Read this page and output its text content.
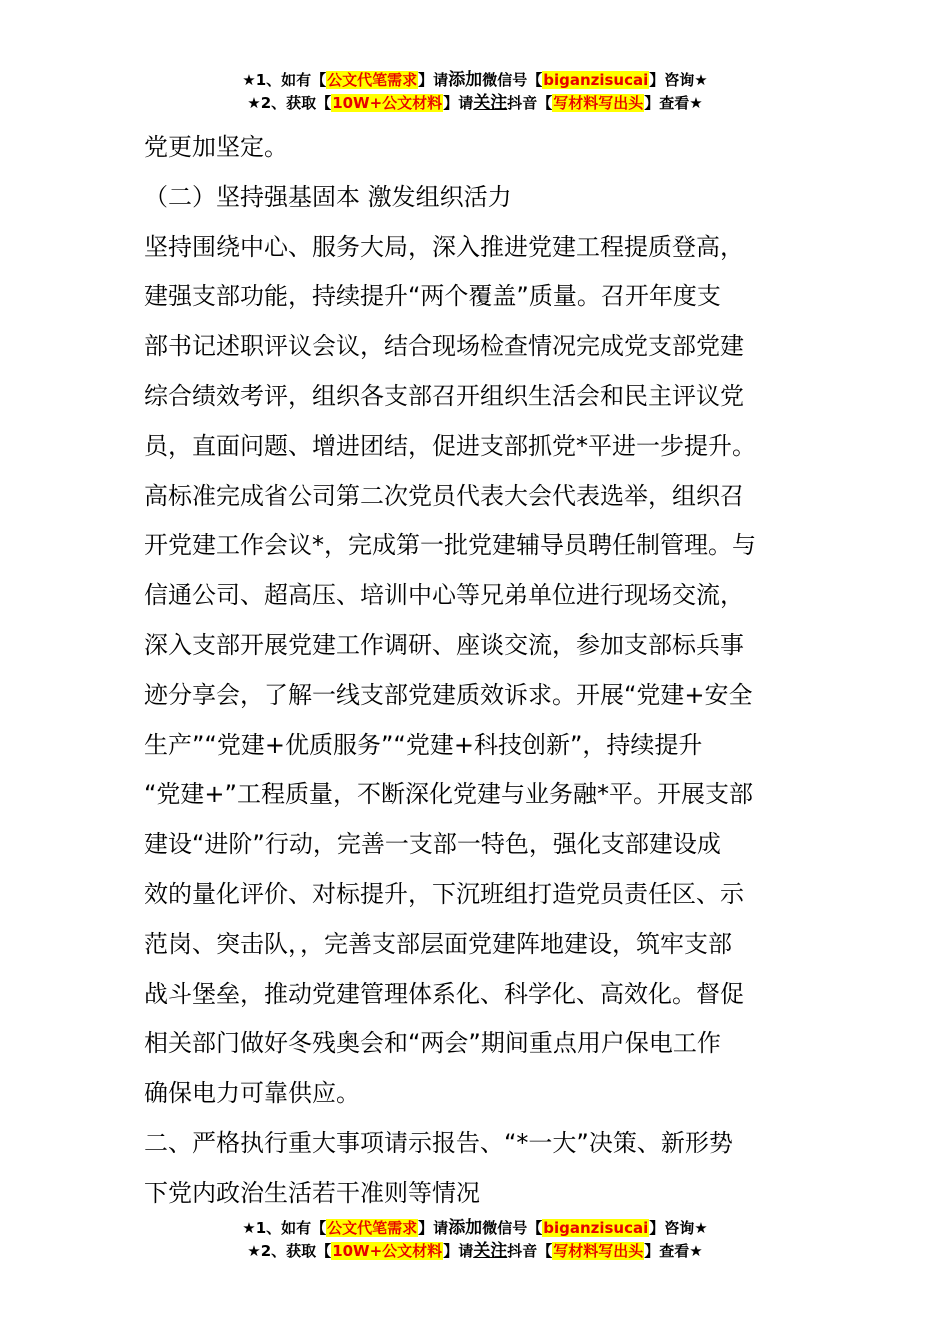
★1、如有【公文代笔需求】请添加微信号【biganzisucai】咨询★
★2、获取【10W+公文材料】请关注抖音【写材料写出头】查看★

党更加坚定。

（二）坚持强基固本 激发组织活力

坚持围绕中心、服务大局，深入推进党建工程提质登高，

建强支部功能，持续提升“两个覆盖”质量。召开年度支

部书记述职评议会议，结合现场检查情况完成党支部党建

综合绩效考评，组织各支部召开组织生活会和民主评议党

员，直面问题、增进团结，促进支部抓党*平进一步提升。

高标准完成省公司第二次党员代表大会代表选举，组织召

开党建工作会议*，完成第一批党建辅导员聘任制管理。与

信通公司、超高压、培训中心等兄弟单位进行现场交流，

深入支部开展党建工作调研、座谈交流，参加支部标兵事

迹分享会，了解一线支部党建质效诉求。开展“党建+安全

生产”“党建+优质服务”“党建+科技创新”，持续提升

“党建+”工程质量，不断深化党建与业务融*平。开展支部

建设“进阶”行动，完善一支部一特色，强化支部建设成

效的量化评价、对标提升，下沉班组打造党员责任区、示

范岗、突击队，，完善支部层面党建阵地建设，筑牢支部

战斗堡垒，推动党建管理体系化、科学化、高效化。督促

相关部门做好冬残奥会和“两会”期间重点用户保电工作

确保电力可靠供应。

二、严格执行重大事项请示报告、“*一大”决策、新形势

下党内政治生活若干准则等情况

★1、如有【公文代笔需求】请添加微信号【biganzisucai】咨询★
★2、获取【10W+公文材料】请关注抖音【写材料写出头】查看★
